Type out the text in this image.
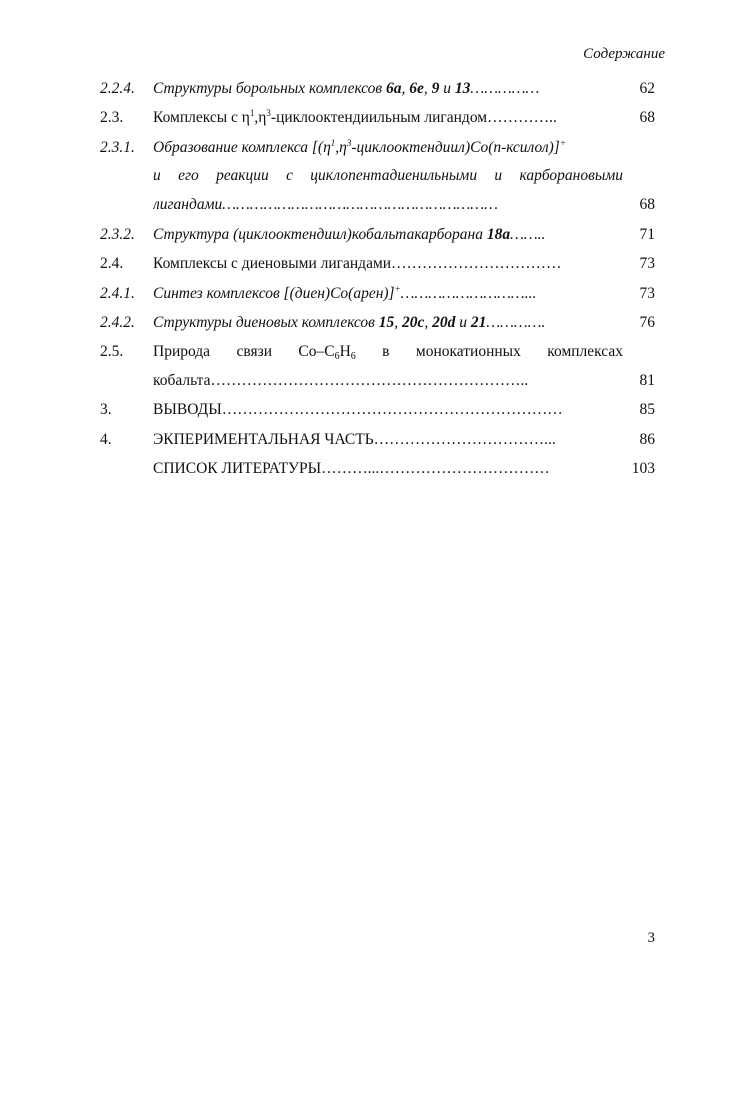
Содержание
2.2.4. Структуры борольных комплексов 6a, 6e, 9 и 13……………	62
2.3. Комплексы с $\eta^1,\eta^3$-циклооктендиильным лигандом…………..	68
2.3.1. Образование комплекса $[(\eta^1,\eta^3-циклооктендиил)Co(п-ксилол)]^+$
и его реакции с циклопентадиенильными и карборановыми
лигандами……………………………………………………	68
2.3.2. Структура (циклооктендиил)кобальтакарборана 18a……..	71
2.4. Комплексы с диеновыми лигандами……………………………	73
2.4.1. Синтез комплексов [(диен)Co(арен)]+………………………...	73
2.4.2. Структуры диеновых комплексов 15, 20c, 20d и 21………….	76
2.5. Природа связи $Co-C_6H_6$ в монокатионных комплексах
кобальта……………………………………………………..	81
3.	ВЫВОДЫ…………………………………………………………	85
4.	ЭКПЕРИМЕНТАЛЬНАЯ ЧАСТЬ……………………………...	86
СПИСОК ЛИТЕРАТУРЫ………...……………………………	103
3
